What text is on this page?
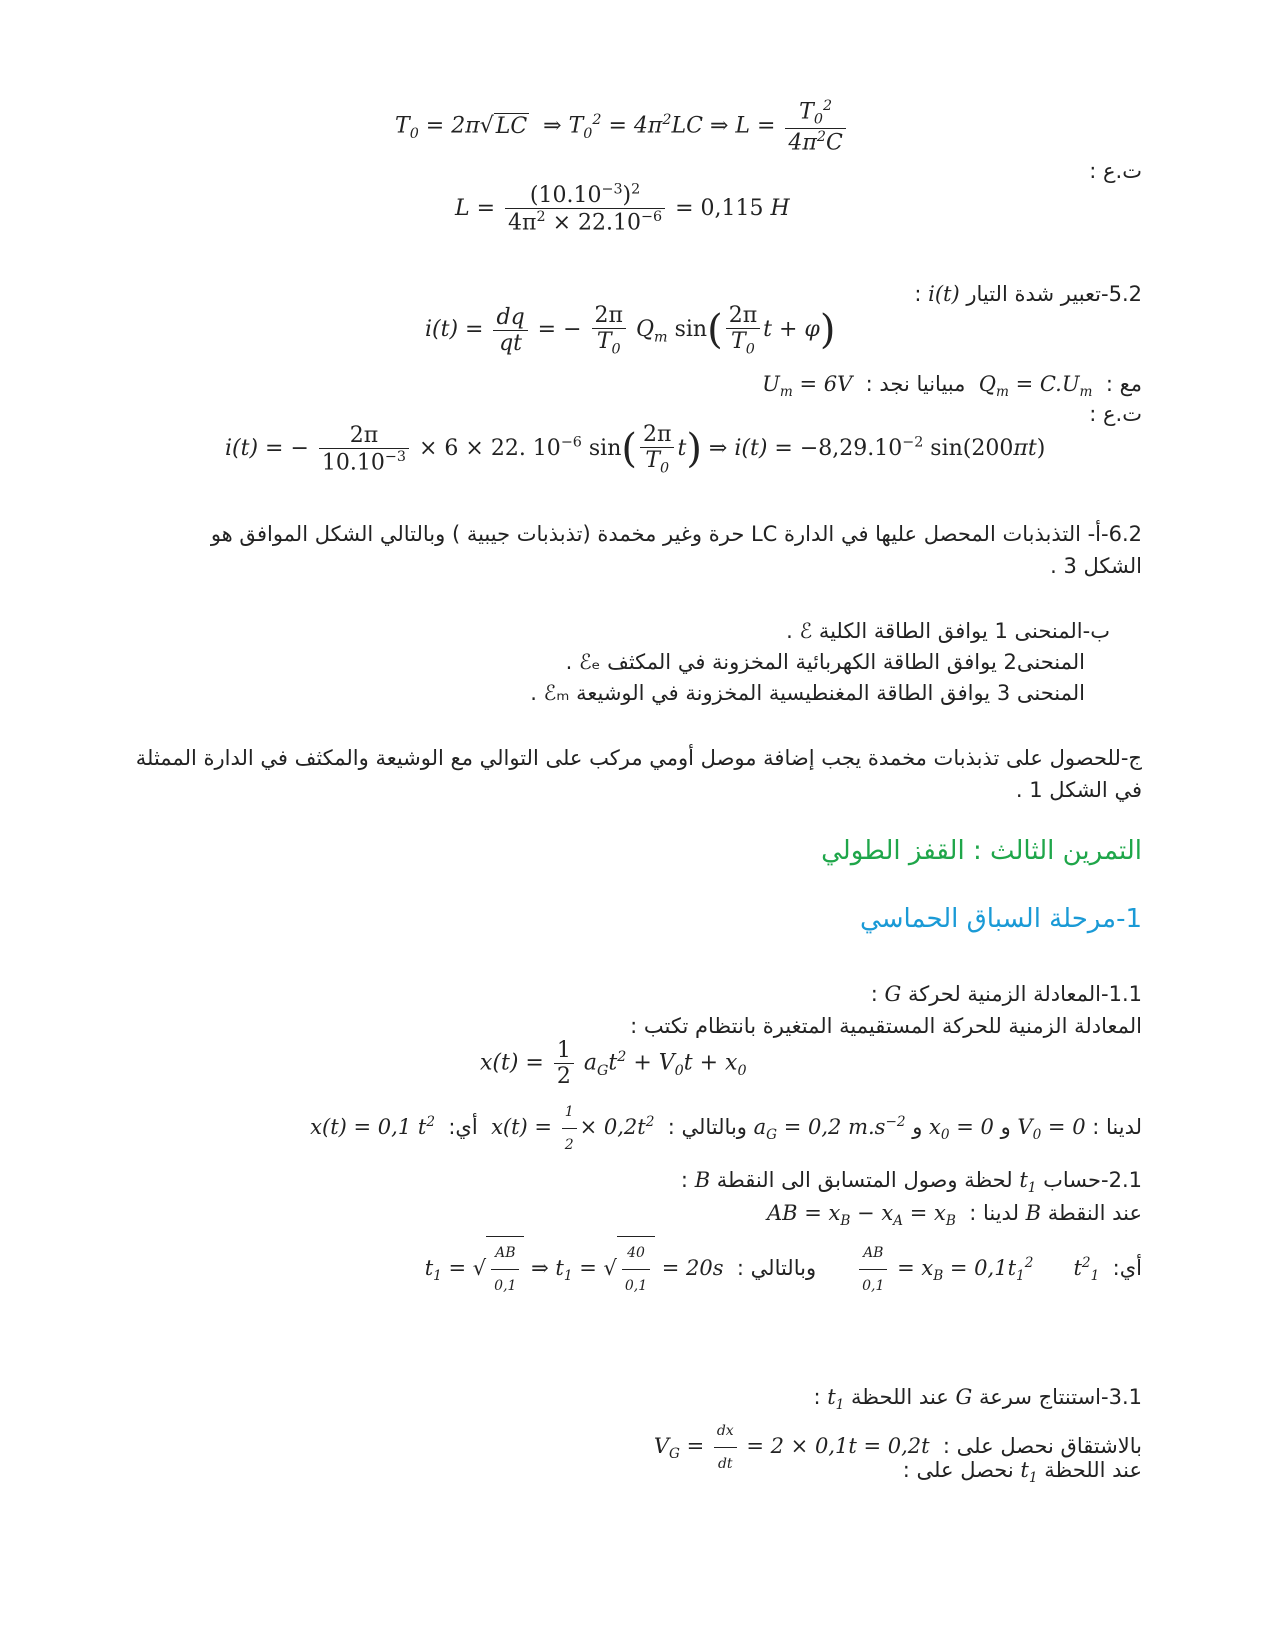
$T_0 = 2\pi√LC$  ⇒ $T_0^2 = 4\pi^2LC$ ⇒ $L = \frac{T_0^2}{4\pi^2C}$
ت.ع :
$L = \frac{(10.10^{-3})^2}{4\pi^2 \times 22.10^{-6}} = 0,115$ H
5.2-تعبير شدة التيار i(t) :
$i(t) = \frac{dq}{qt}$ = − $\frac{2\pi}{T_0} Q_m$ $\sin( \frac{2\pi}{T_0}$ t + φ)
مع :  $Q_m = C.U_m$  مبيانيا نجد :  $U_m = 6V$
ت.ع :
i(t) = − $\frac{2\pi}{10.10^{-3}} \times 6 \times 22$. $10^{-6}$ $\sin( \frac{2\pi}{T_0} t)$ ⇒ $i(t) = -8,29.10^{-2}$ sin(200πt)
6.2-أ- التذبذبات المحصل عليها في الدارة LC حرة وغير مخمدة (تذبذبات جيبية ) وبالتالي الشكل الموافق هو الشكل 3 .
ب-المنحنى 1 يوافق الطاقة الكلية ℰ .
المنحنى2 يوافق الطاقة الكهربائية المخزونة في المكثف ℰₑ .
المنحنى 3 يوافق الطاقة المغنطيسية المخزونة في الوشيعة ℰₘ .
ج-للحصول على تذبذبات مخمدة يجب إضافة موصل أومي مركب على التوالي مع الوشيعة والمكثف في الدارة الممثلة في الشكل 1 .
التمرين الثالث : القفز الطولي
1-مرحلة السباق الحماسي
1.1-المعادلة الزمنية لحركة G :
المعادلة الزمنية للحركة المستقيمية المتغيرة بانتظام تكتب :
$x(t) = \frac{1}{2} a_Gt^2 + V_0t + x_0$
لدينا : $V_0 = 0$ و $x_0 = 0$ و $a_G = 0,2$ $m.s^{-2}$ وبالتالي :  $x(t) = \frac{1}{2} \times 0,2t^2$  أي:  x(t) = 0,1 $t^2$
2.1-حساب $t_1$ لحظة وصول المتسابق الى النقطة B :
عند النقطة B لدينا :  AB = $x_B - x_A = x_B$
أي:  $x_B = 0,1t_1^2$ $t^2_1$ =
$\frac{AB}{0,1}$
وبالتالي :  $t_1$ = √ $\frac{AB}{0,1}$ ⇒ $t_1$ = √ $\frac{40}{0,1} = 20s$
3.1-استنتاج سرعة G عند اللحظة $t_1$ :
بالاشتقاق نحصل على :  $V_G = \frac{dx}{dt} = 2 \times 0,1t = 0,2t$
عند اللحظة $t_1$ نحصل على :
